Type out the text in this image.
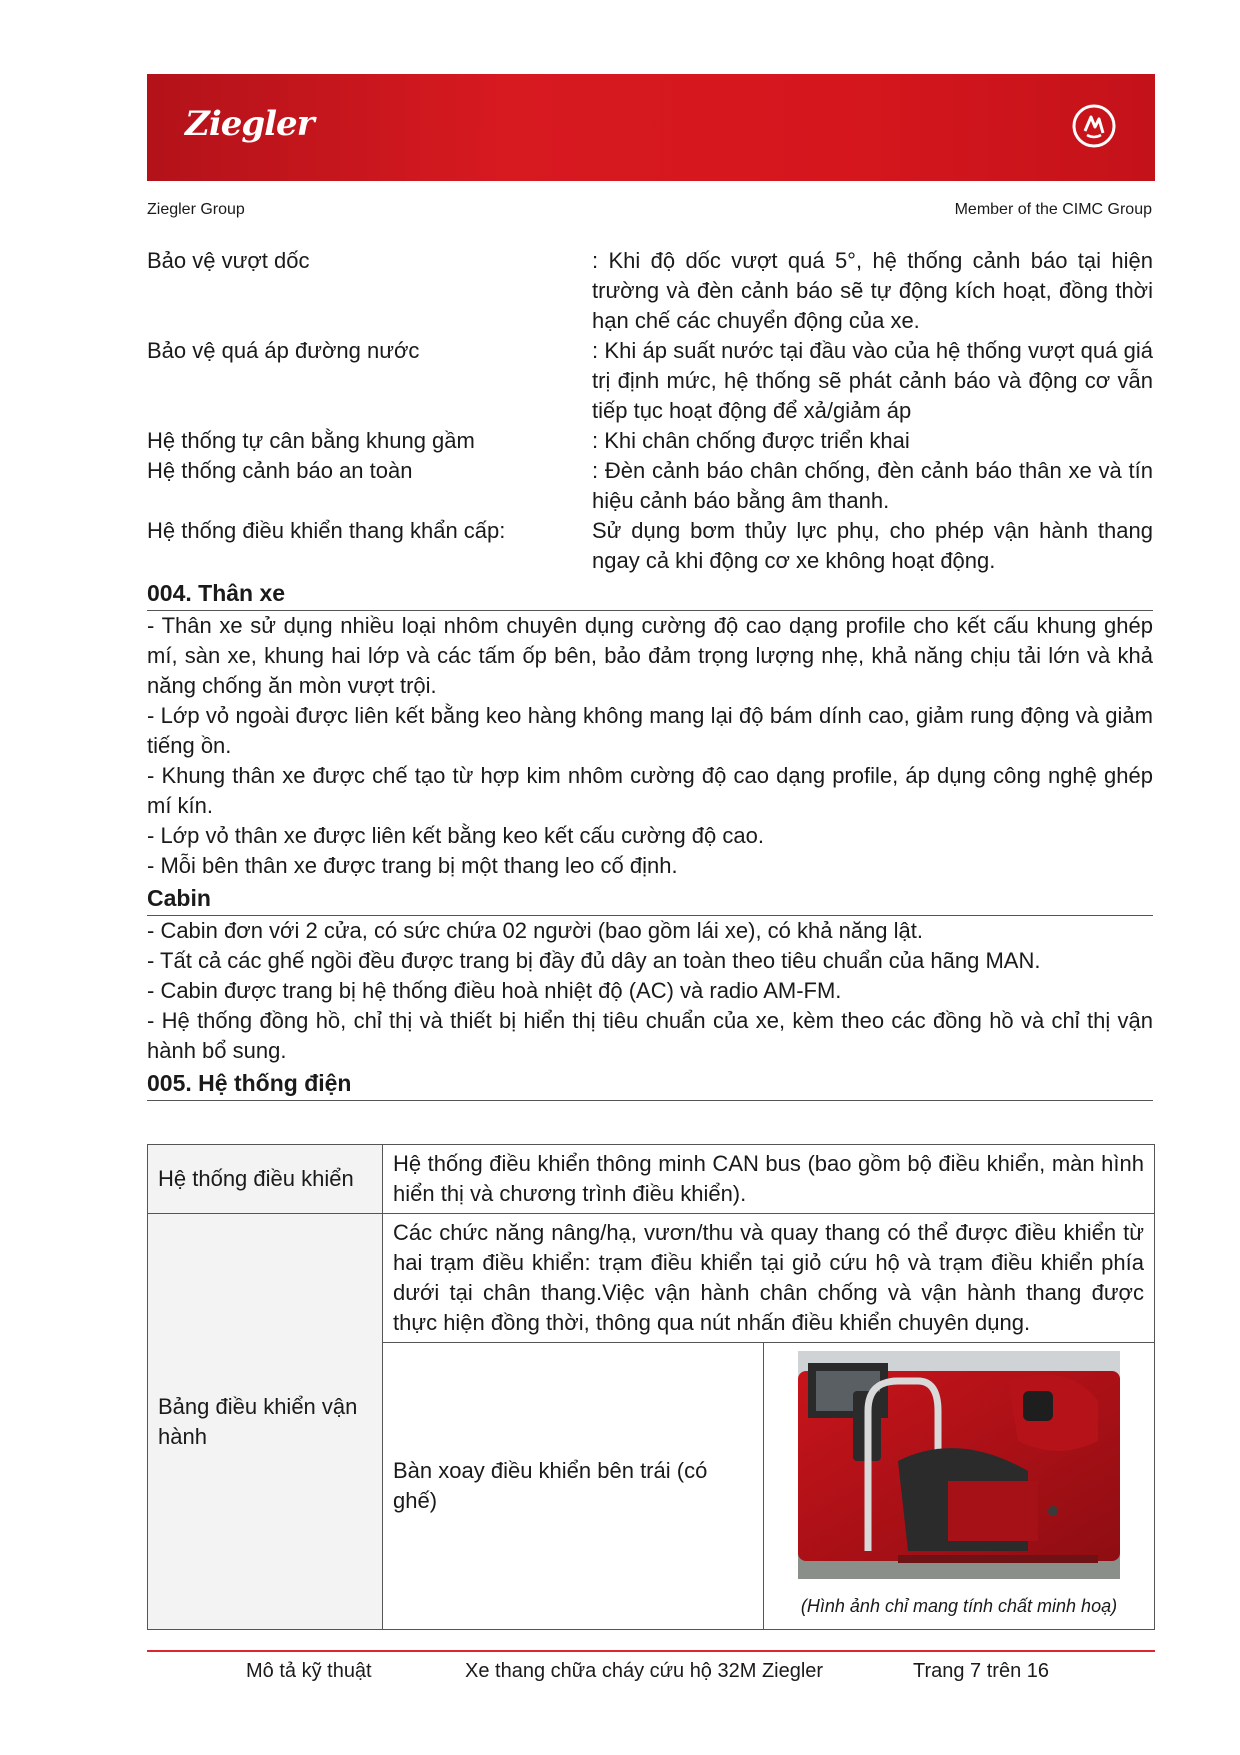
Ziegler
Ziegler Group	Member of the CIMC Group
Bảo vệ vượt dốc	: Khi độ dốc vượt quá 5°, hệ thống cảnh báo tại hiện trường và đèn cảnh báo sẽ tự động kích hoạt, đồng thời hạn chế các chuyển động của xe.
Bảo vệ quá áp đường nước	: Khi áp suất nước tại đầu vào của hệ thống vượt quá giá trị định mức, hệ thống sẽ phát cảnh báo và động cơ vẫn tiếp tục hoạt động để xả/giảm áp
Hệ thống tự cân bằng khung gầm	: Khi chân chống được triển khai
Hệ thống cảnh báo an toàn	: Đèn cảnh báo chân chống, đèn cảnh báo thân xe và tín hiệu cảnh báo bằng âm thanh.
Hệ thống điều khiển thang khẩn cấp:	Sử dụng bơm thủy lực phụ, cho phép vận hành thang ngay cả khi động cơ xe không hoạt động.
004. Thân xe
- Thân xe sử dụng nhiều loại nhôm chuyên dụng cường độ cao dạng profile cho kết cấu khung ghép mí, sàn xe, khung hai lớp và các tấm ốp bên, bảo đảm trọng lượng nhẹ, khả năng chịu tải lớn và khả năng chống ăn mòn vượt trội.
- Lớp vỏ ngoài được liên kết bằng keo hàng không mang lại độ bám dính cao, giảm rung động và giảm tiếng ồn.
- Khung thân xe được chế tạo từ hợp kim nhôm cường độ cao dạng profile, áp dụng công nghệ ghép mí kín.
- Lớp vỏ thân xe được liên kết bằng keo kết cấu cường độ cao.
- Mỗi bên thân xe được trang bị một thang leo cố định.
Cabin
- Cabin đơn với 2 cửa, có sức chứa 02 người (bao gồm lái xe), có khả năng lật.
- Tất cả các ghế ngồi đều được trang bị đầy đủ dây an toàn theo tiêu chuẩn của hãng MAN.
- Cabin được trang bị hệ thống điều hoà nhiệt độ (AC) và radio AM-FM.
- Hệ thống đồng hồ, chỉ thị và thiết bị hiển thị tiêu chuẩn của xe, kèm theo các đồng hồ và chỉ thị vận hành bổ sung.
005. Hệ thống điện
Hệ thống điều khiển	Hệ thống điều khiển thông minh CAN bus (bao gồm bộ điều khiển, màn hình hiển thị và chương trình điều khiển).	
Bảng điều khiển vận hành	Các chức năng nâng/hạ, vươn/thu và quay thang có thể được điều khiển từ hai trạm điều khiển: trạm điều khiển tại giỏ cứu hộ và trạm điều khiển phía dưới tại chân thang.Việc vận hành chân chống và vận hành thang được thực hiện đồng thời, thông qua nút nhấn điều khiển chuyên dụng.	
	Bàn xoay điều khiển bên trái (có ghế)	(Hình ảnh chỉ mang tính chất minh hoạ)
Mô tả kỹ thuật	Xe thang chữa cháy cứu hộ 32M Ziegler	Trang 7 trên 16
